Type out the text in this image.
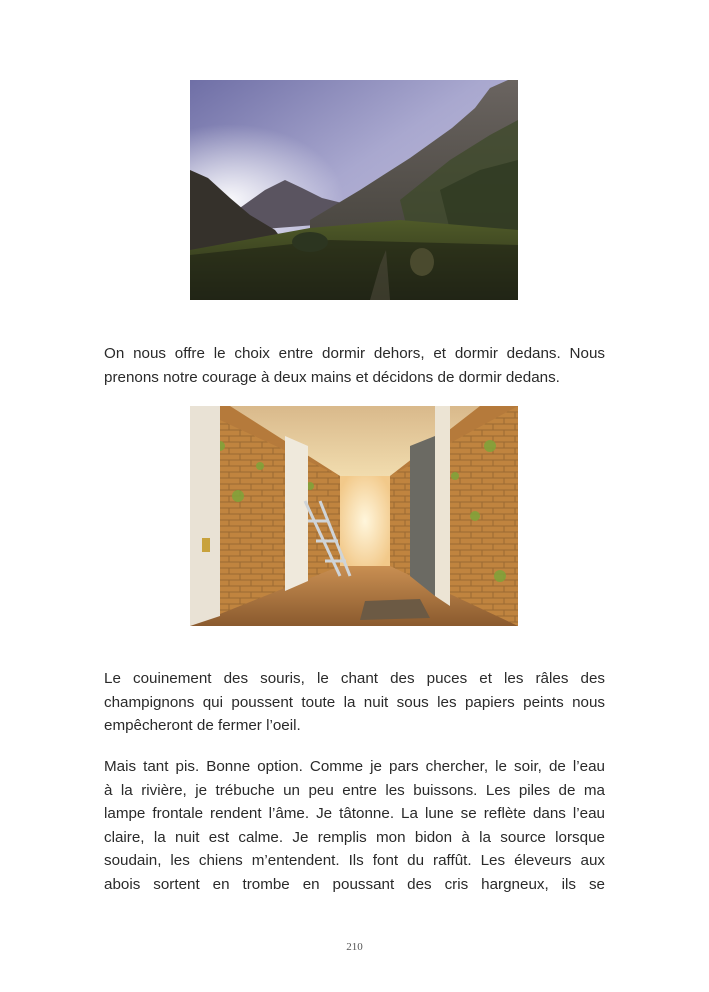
On nous offre le choix entre dormir dehors, et dormir dedans. Nous
prenons notre courage à deux mains et décidons de dormir dedans.

Le couinement des souris, le chant des puces et les râles des
champignons qui poussent toute la nuit sous les papiers peints nous
empêcheront de fermer l’oeil.

Mais tant pis. Bonne option. Comme je pars chercher, le soir, de l’eau
à la rivière, je trébuche un peu entre les buissons. Les piles de ma
lampe frontale rendent l’âme. Je tâtonne. La lune se reflète dans l’eau
claire, la nuit est calme. Je remplis mon bidon à la source lorsque
soudain, les chiens m’entendent. Ils font du raffût. Les éleveurs aux
abois sortent en trombe en poussant des cris hargneux, ils se

210
